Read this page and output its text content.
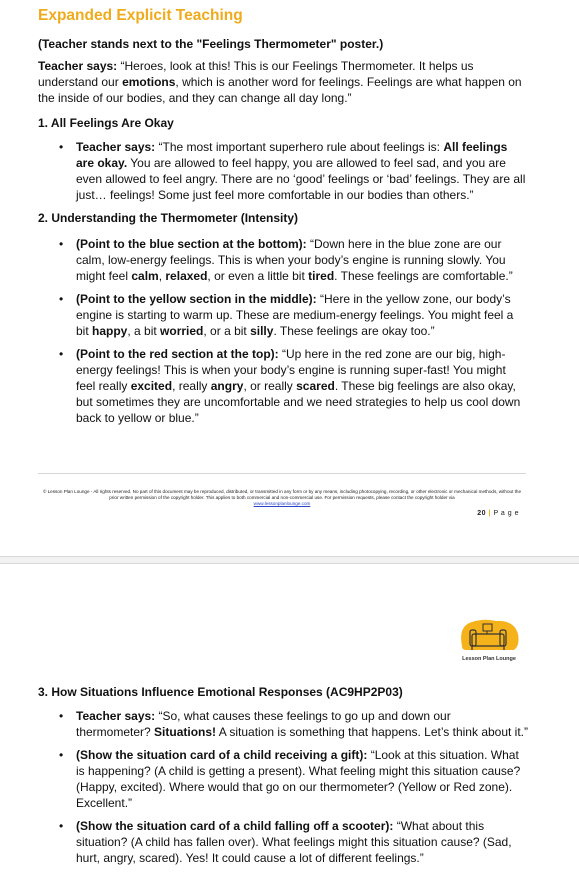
Expanded Explicit Teaching
(Teacher stands next to the "Feelings Thermometer" poster.)
Teacher says: “Heroes, look at this! This is our Feelings Thermometer. It helps us understand our emotions, which is another word for feelings. Feelings are what happen on the inside of our bodies, and they can change all day long.”
1. All Feelings Are Okay
• Teacher says: “The most important superhero rule about feelings is: All feelings are okay. You are allowed to feel happy, you are allowed to feel sad, and you are even allowed to feel angry. There are no ‘good’ feelings or ‘bad’ feelings. They are all just… feelings! Some just feel more comfortable in our bodies than others.”
2. Understanding the Thermometer (Intensity)
• (Point to the blue section at the bottom): “Down here in the blue zone are our calm, low-energy feelings. This is when your body’s engine is running slowly. You might feel calm, relaxed, or even a little bit tired. These feelings are comfortable.”
• (Point to the yellow section in the middle): “Here in the yellow zone, our body’s engine is starting to warm up. These are medium-energy feelings. You might feel a bit happy, a bit worried, or a bit silly. These feelings are okay too.”
• (Point to the red section at the top): “Up here in the red zone are our big, high-energy feelings! This is when your body’s engine is running super-fast! You might feel really excited, really angry, or really scared. These big feelings are also okay, but sometimes they are uncomfortable and we need strategies to help us cool down back to yellow or blue.”
© Lesson Plan Lounge - All rights reserved. No part of this document may be reproduced, distributed, or transmitted in any form or by any means, including photocopying, recording, or other electronic or mechanical methods, without the prior written permission of the copyright holder. This applies to both commercial and non-commercial use. For permission requests, please contact the copyright holder via
www.lessonplanlounge.com
20 | P a g e
Lesson Plan Lounge
3. How Situations Influence Emotional Responses (AC9HP2P03)
• Teacher says: “So, what causes these feelings to go up and down our thermometer? Situations! A situation is something that happens. Let’s think about it.”
• (Show the situation card of a child receiving a gift): “Look at this situation. What is happening? (A child is getting a present). What feeling might this situation cause? (Happy, excited). Where would that go on our thermometer? (Yellow or Red zone). Excellent.”
• (Show the situation card of a child falling off a scooter): “What about this situation? (A child has fallen over). What feelings might this situation cause? (Sad, hurt, angry, scared). Yes! It could cause a lot of different feelings.”
